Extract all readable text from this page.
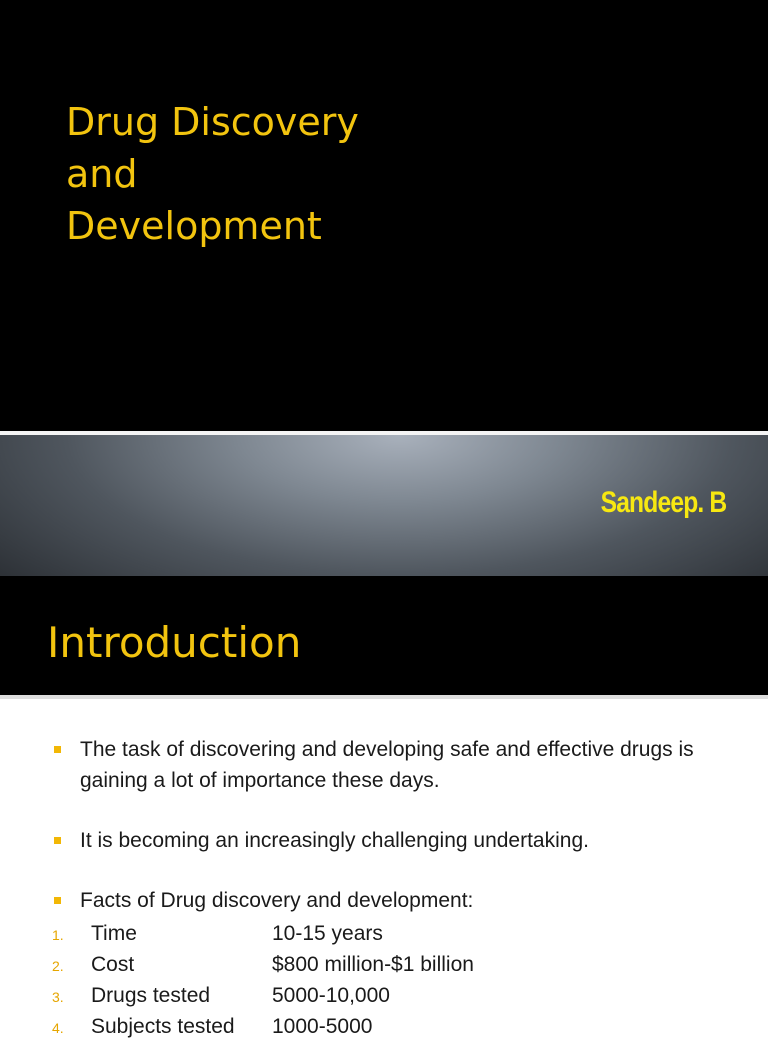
Drug Discovery
and
Development
Sandeep. B
Introduction
The task of discovering and developing safe and effective drugs is gaining a lot of importance these days.
It is becoming an increasingly challenging undertaking.
Facts of Drug discovery and development:
1. Time	10-15 years
2. Cost	$800 million-$1 billion
3. Drugs tested	5000-10,000
4. Subjects tested 1000-5000
